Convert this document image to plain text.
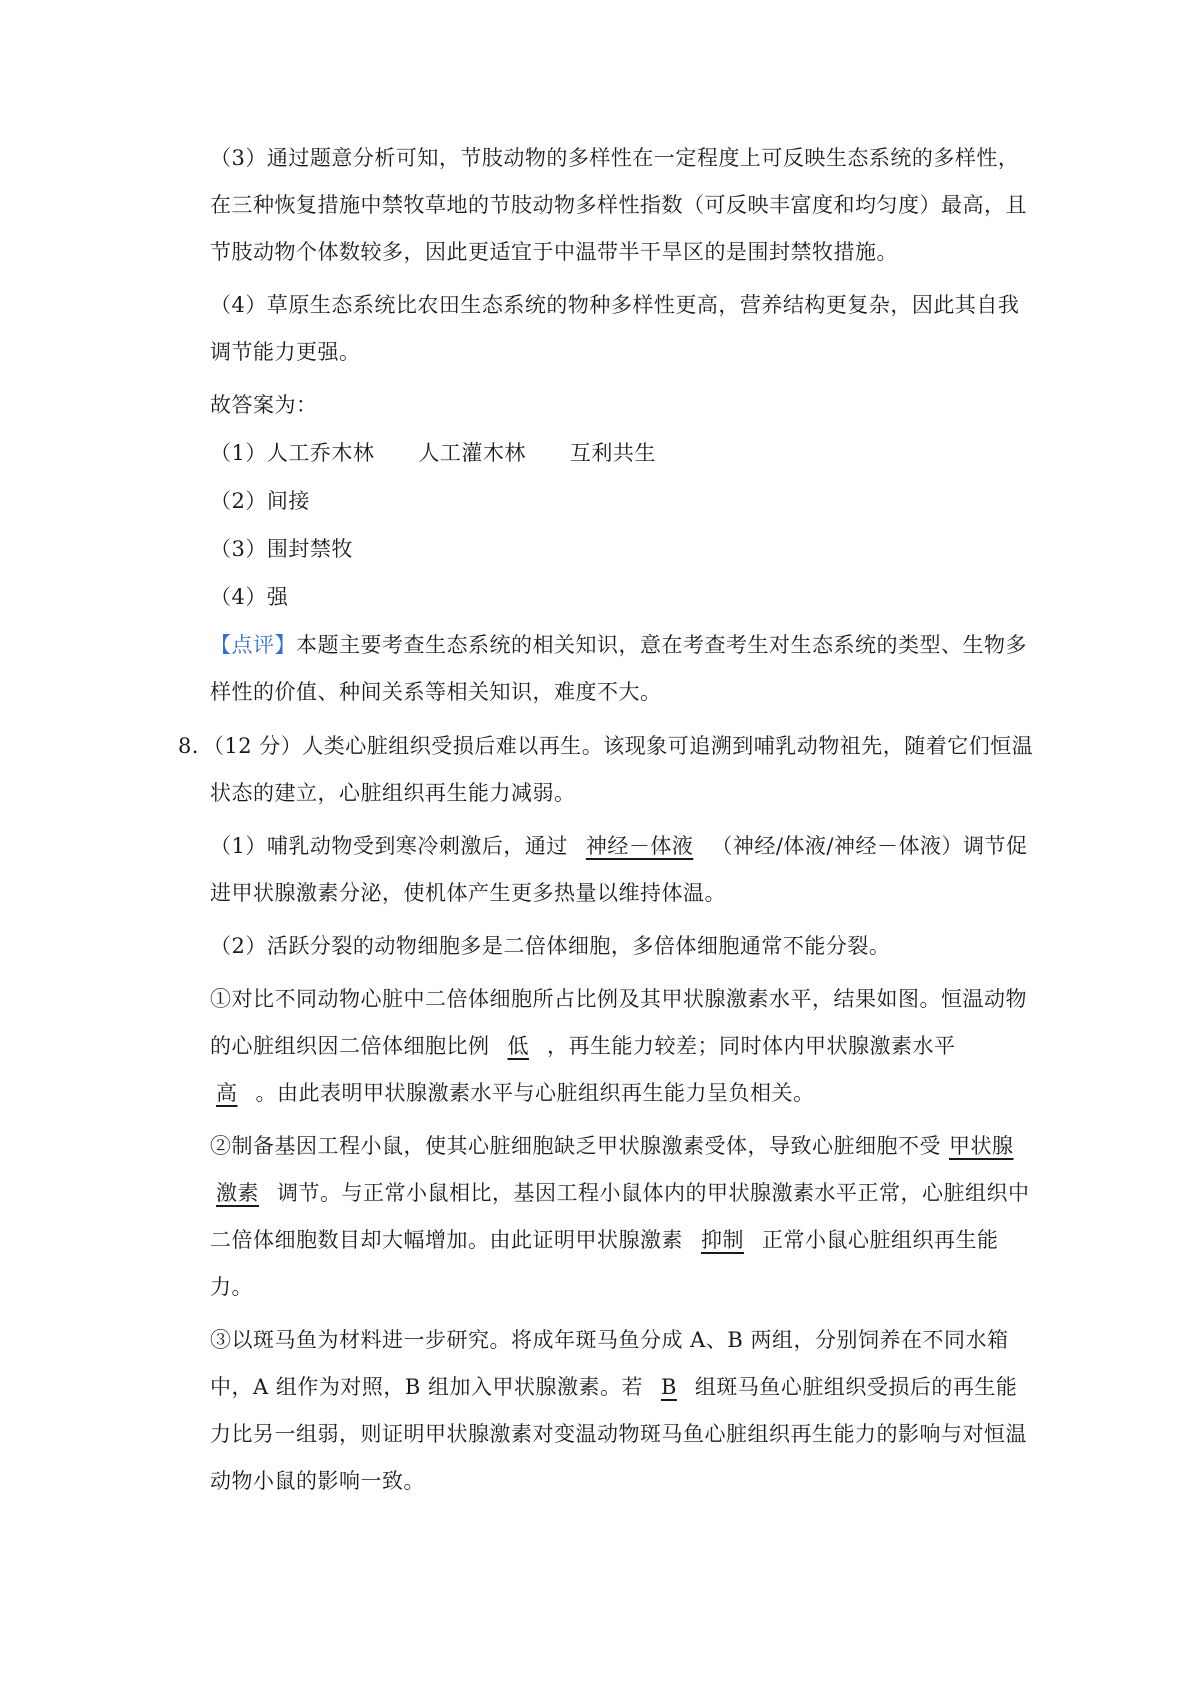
（3）通过题意分析可知，节肢动物的多样性在一定程度上可反映生态系统的多样性，
在三种恢复措施中禁牧草地的节肢动物多样性指数（可反映丰富度和均匀度）最高，且
节肢动物个体数较多，因此更适宜于中温带半干旱区的是围封禁牧措施。
（4）草原生态系统比农田生态系统的物种多样性更高，营养结构更复杂，因此其自我
调节能力更强。
故答案为：
（1）人工乔木林 人工灌木林 互利共生
（2）间接
（3）围封禁牧
（4）强
【点评】本题主要考查生态系统的相关知识，意在考查考生对生态系统的类型、生物多
样性的价值、种间关系等相关知识，难度不大。
8．（12 分）人类心脏组织受损后难以再生。该现象可追溯到哺乳动物祖先，随着它们恒温
状态的建立，心脏组织再生能力减弱。
（1）哺乳动物受到寒冷刺激后，通过 神经－体液 （神经/体液/神经－体液）调节促
进甲状腺激素分泌，使机体产生更多热量以维持体温。
（2）活跃分裂的动物细胞多是二倍体细胞，多倍体细胞通常不能分裂。
①对比不同动物心脏中二倍体细胞所占比例及其甲状腺激素水平，结果如图。恒温动物
的心脏组织因二倍体细胞比例 低 ，再生能力较差；同时体内甲状腺激素水平
高 。由此表明甲状腺激素水平与心脏组织再生能力呈负相关。
②制备基因工程小鼠，使其心脏细胞缺乏甲状腺激素受体，导致心脏细胞不受 甲状腺
激素 调节。与正常小鼠相比，基因工程小鼠体内的甲状腺激素水平正常，心脏组织中
二倍体细胞数目却大幅增加。由此证明甲状腺激素 抑制 正常小鼠心脏组织再生能
力。
③以斑马鱼为材料进一步研究。将成年斑马鱼分成 A、B 两组，分别饲养在不同水箱
中，A 组作为对照，B 组加入甲状腺激素。若 B 组斑马鱼心脏组织受损后的再生能
力比另一组弱，则证明甲状腺激素对变温动物斑马鱼心脏组织再生能力的影响与对恒温
动物小鼠的影响一致。
